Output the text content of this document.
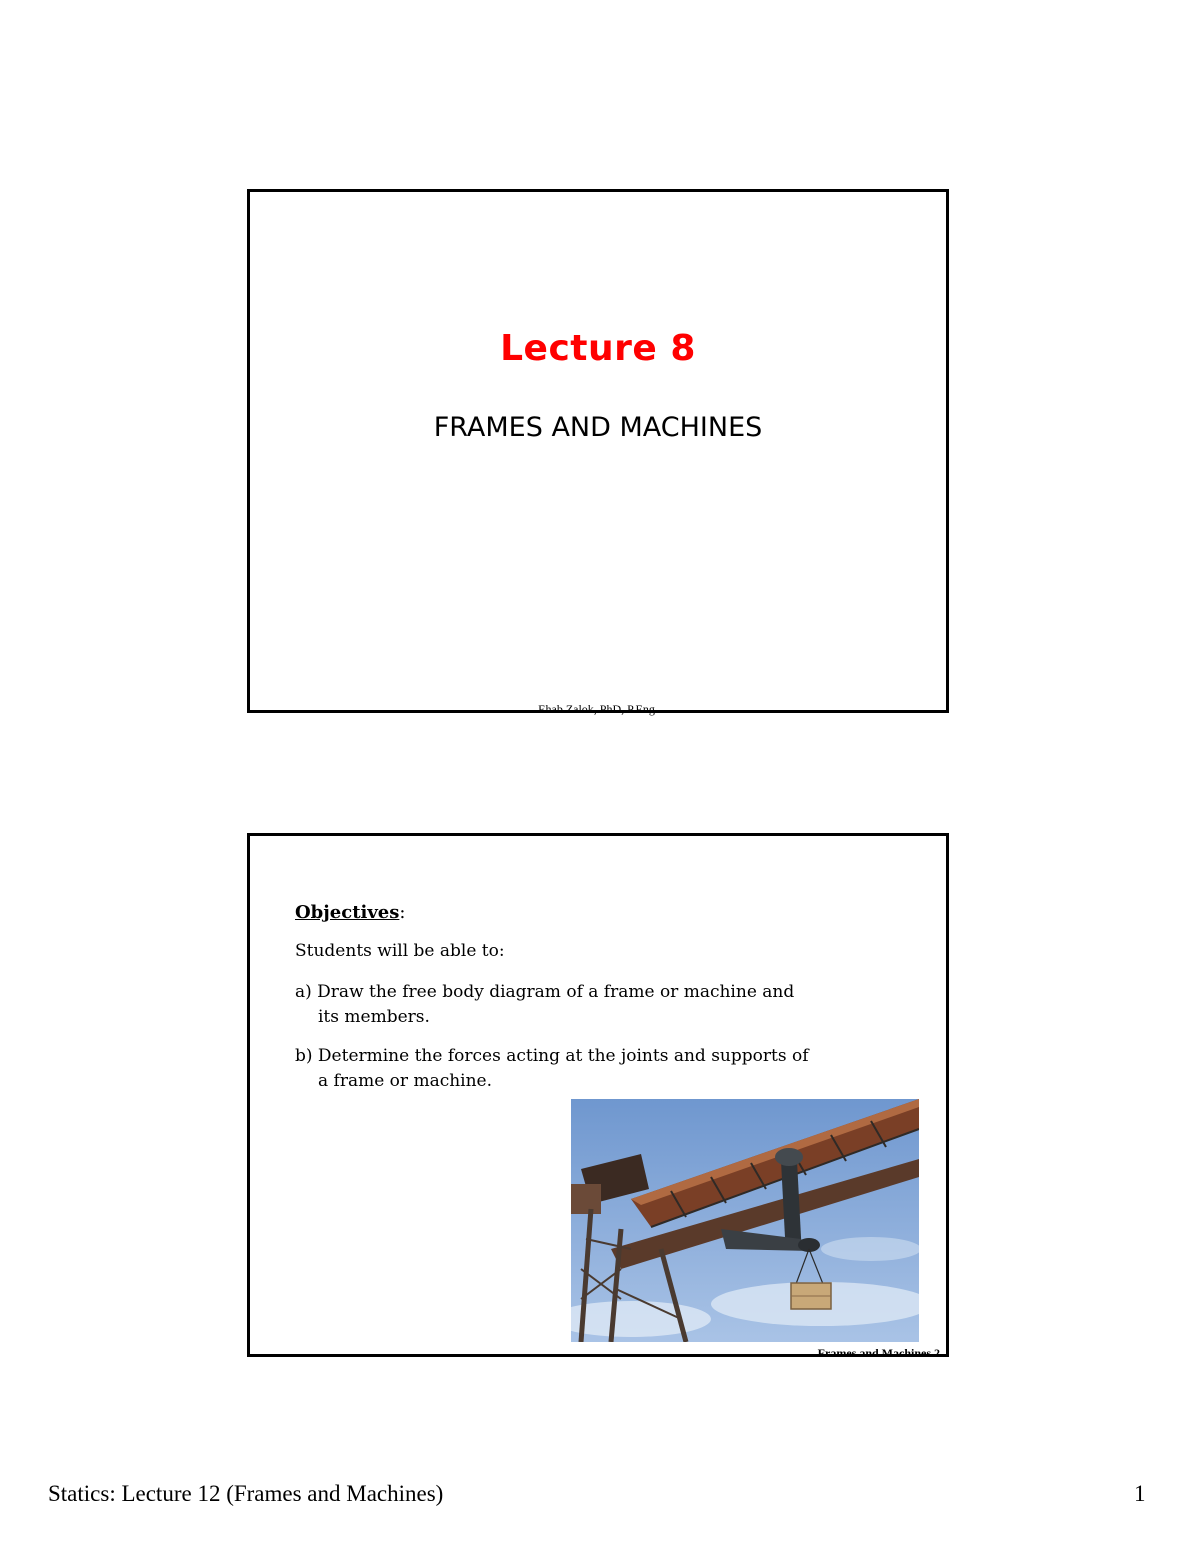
Lecture 8
FRAMES AND MACHINES
Ehab Zalok, PhD, P.Eng.
Objectives:
Students will be able to:
a) Draw the free body diagram of a frame or machine and its members.
b) Determine the forces acting at the joints and supports of a frame or machine.
Frames and Machines 2
Statics: Lecture 12 (Frames and Machines)	1
